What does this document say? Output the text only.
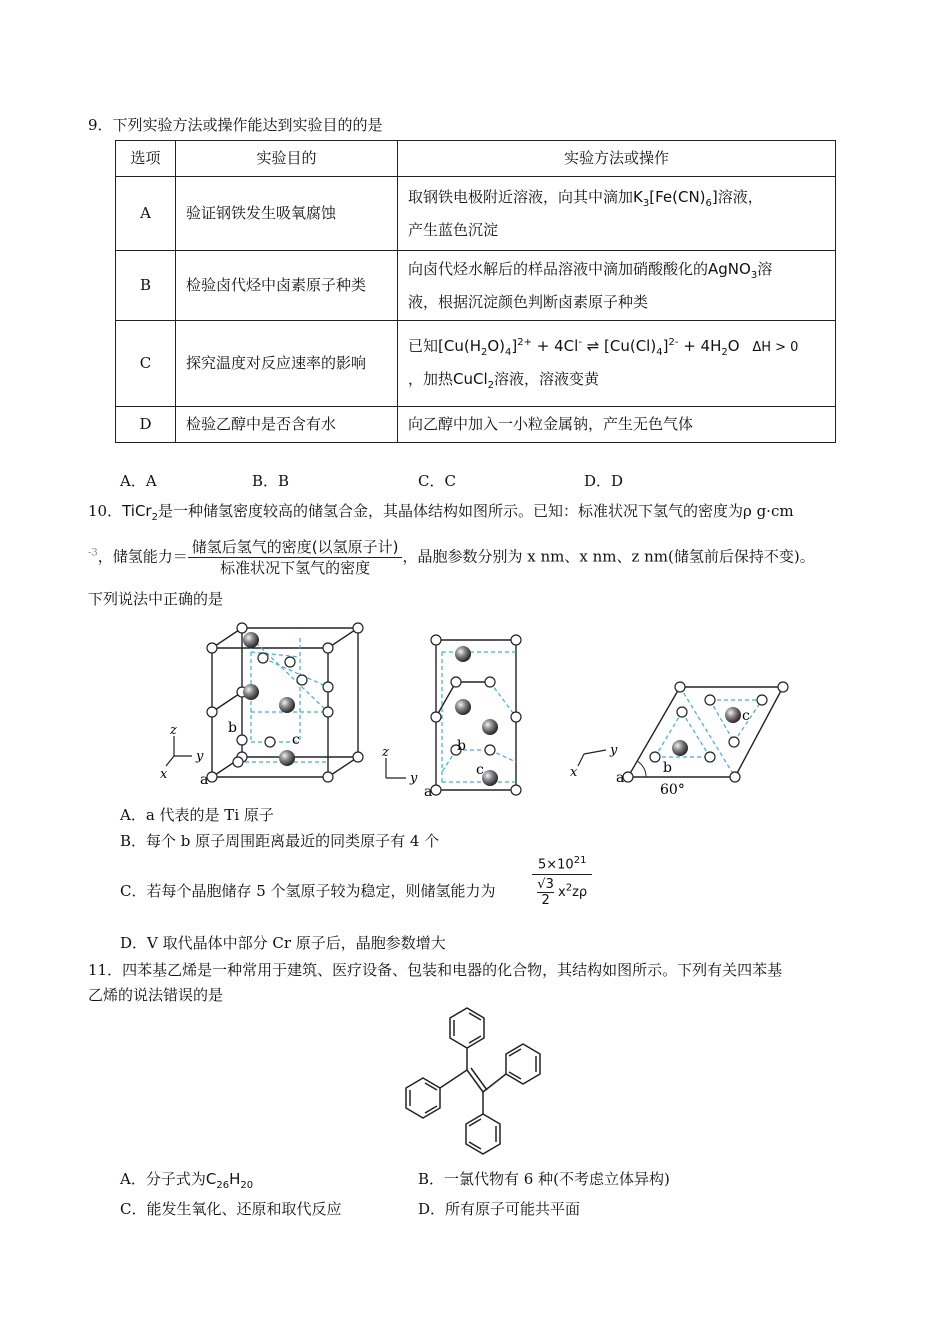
9．下列实验方法或操作能达到实验目的的是
选项	实验目的	实验方法或操作
A	验证钢铁发生吸氧腐蚀	取钢铁电极附近溶液，向其中滴加$K_3[Fe(CN)_6]$溶液，
产生蓝色沉淀
B	检验卤代烃中卤素原子种类	向卤代烃水解后的样品溶液中滴加硝酸酸化的AgNO$_3$溶
液，根据沉淀颜色判断卤素原子种类
C	探究温度对反应速率的影响	已知$[Cu(H_2O)_4]^{2+} + 4Cl^-$ ⇌ $[Cu(Cl)_4]^{2-} + 4H_2O$ ΔH > 0
，加热CuCl$_2$溶液，溶液变黄
D	检验乙醇中是否含有水	向乙醇中加入一小粒金属钠，产生无色气体
A．A	B．B	C．C	D．D
10．TiCr$_2$是一种储氢密度较高的储氢合金，其晶体结构如图所示。已知：标准状况下氢气的密度为ρ g·cm
$^{-3}$，储氢能力＝ $\frac{\text{储氢后氢气的密度(以氢原子计)}}{\text{标准状况下氢气的密度}}$ ，晶胞参数分别为 x nm、x nm、z nm(储氢前后保持不变)。
下列说法中正确的是
a
b
c
z
y
x
a
b
c
z
y	a
b
c
60°
y
x
A．a 代表的是 Ti 原子
B．每个 b 原子周围距离最近的同类原子有 4 个
C．若每个晶胞储存 5 个氢原子较为稳定，则储氢能力为
$5\times 10^{21}$
$\frac{√3}{2} x^2z\rho$
D．V 取代晶体中部分 Cr 原子后，晶胞参数增大
11．四苯基乙烯是一种常用于建筑、医疗设备、包装和电器的化合物，其结构如图所示。下列有关四苯基
乙烯的说法错误的是
A．分子式为$C_{26}H_{20}$	B．一氯代物有 6 种(不考虑立体异构)
C．能发生氧化、还原和取代反应	D．所有原子可能共平面
